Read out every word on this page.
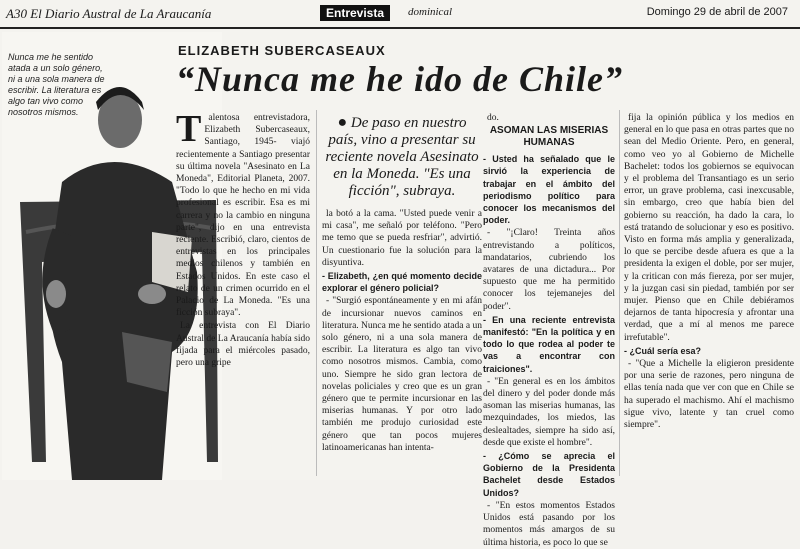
A30 El Diario Austral de La Araucanía	Entrevista	dominical	Domingo 29 de abril de 2007
Nunca me he sentido atada a un solo género, ni a una sola manera de escribir. La literatura es algo tan vivo como nosotros mismos.
ELIZABETH SUBERCASEAUX
“Nunca me he ido de Chile”
T alentosa entrevistadora, Elizabeth Subercaseaux, Santiago, 1945- viajó recientemente a Santiago presentar su última novela "Asesinato en La Moneda", Editorial Planeta, 2007. "Todo lo que he hecho en mi vida profesional es escribir. Esa es mi carrera y no la cambio en ninguna parte", dijo en una entrevista reciente. Escribió, claro, cientos de entrevistas en los principales medios chilenos y también en Estados Unidos. En este caso el relato de un crimen ocurrido en el Palacio de La Moneda. "Es una ficción subraya".

La entrevista con El Diario Austral de La Araucanía había sido fijada para el miércoles pasado, pero una gripe

● De paso en nuestro país, vino a presentar su reciente novela Asesinato en la Moneda. "Es una ficción", subraya.

la botó a la cama. "Usted puede venir a mi casa", me señaló por teléfono. "Pero me temo que se pueda resfriar", advirtió. Un cuestionario fue la solución para la disyuntiva.

- Elizabeth, ¿en qué momento decide explorar el género policial?

- "Surgió espontáneamente y en mi afán de incursionar nuevos caminos en literatura. Nunca me he sentido atada a un solo género, ni a una sola manera de escribir. La literatura es algo tan vivo como nosotros mismos. Cambia, como uno. Siempre he sido gran lectora de novelas policiales y creo que es un gran género que te permite incursionar en las miserias humanas. Y por otro lado también me produjo curiosidad este género que tan pocos mujeres latinoamericanas han intenta-

do.

ASOMAN LAS MISERIAS HUMANAS

- Usted ha señalado que le sirvió la experiencia de trabajar en el ámbito del periodismo político para conocer los mecanismos del poder.

- "¡Claro! Treinta años entrevistando a políticos, mandatarios, cubriendo los avatares de una dictadura... Por supuesto que me ha permitido conocer los tejemanejes del poder".

- En una reciente entrevista manifestó: "En la política y en todo lo que rodea al poder te vas a encontrar con traiciones".

- "En general es en los ámbitos del dinero y del poder donde más asoman las miserias humanas, las mezquindades, los miedos, las deslealtades, siempre ha sido así, desde que existe el hombre".

- ¿Cómo se aprecia el Gobierno de la Presidenta Bachelet desde Estados Unidos?

- "En estos momentos Estados Unidos está pasando por los momentos más amargos de su última historia, es poco lo que se

fija la opinión pública y los medios en general en lo que pasa en otras partes que no sean del Medio Oriente. Pero, en general, como veo yo al Gobierno de Michelle Bachelet: todos los gobiernos se equivocan y el problema del Transantiago es un serio error, un grave problema, casi inexcusable, sin embargo, creo que había bien del gobierno su reacción, ha dado la cara, lo está tratando de solucionar y eso es positivo. Visto en forma más amplia y generalizada, lo que se percibe desde afuera es que a la presidenta la exigen el doble, por ser mujer, y la critican con más fiereza, por ser mujer, y la juzgan casi sin piedad, también por ser mujer. Pienso que en Chile debiéramos dejarnos de tanta hipocresía y afrontar una verdad, que a mí al menos me parece irrefutable".

- ¿Cuál sería esa?

- "Que a Michelle la eligieron presidente por una serie de razones, pero ninguna de ellas tenía nada que ver con que en Chile se ha superado el machismo. Ahí el machismo sigue vivo, latente y tan cruel como siempre".
